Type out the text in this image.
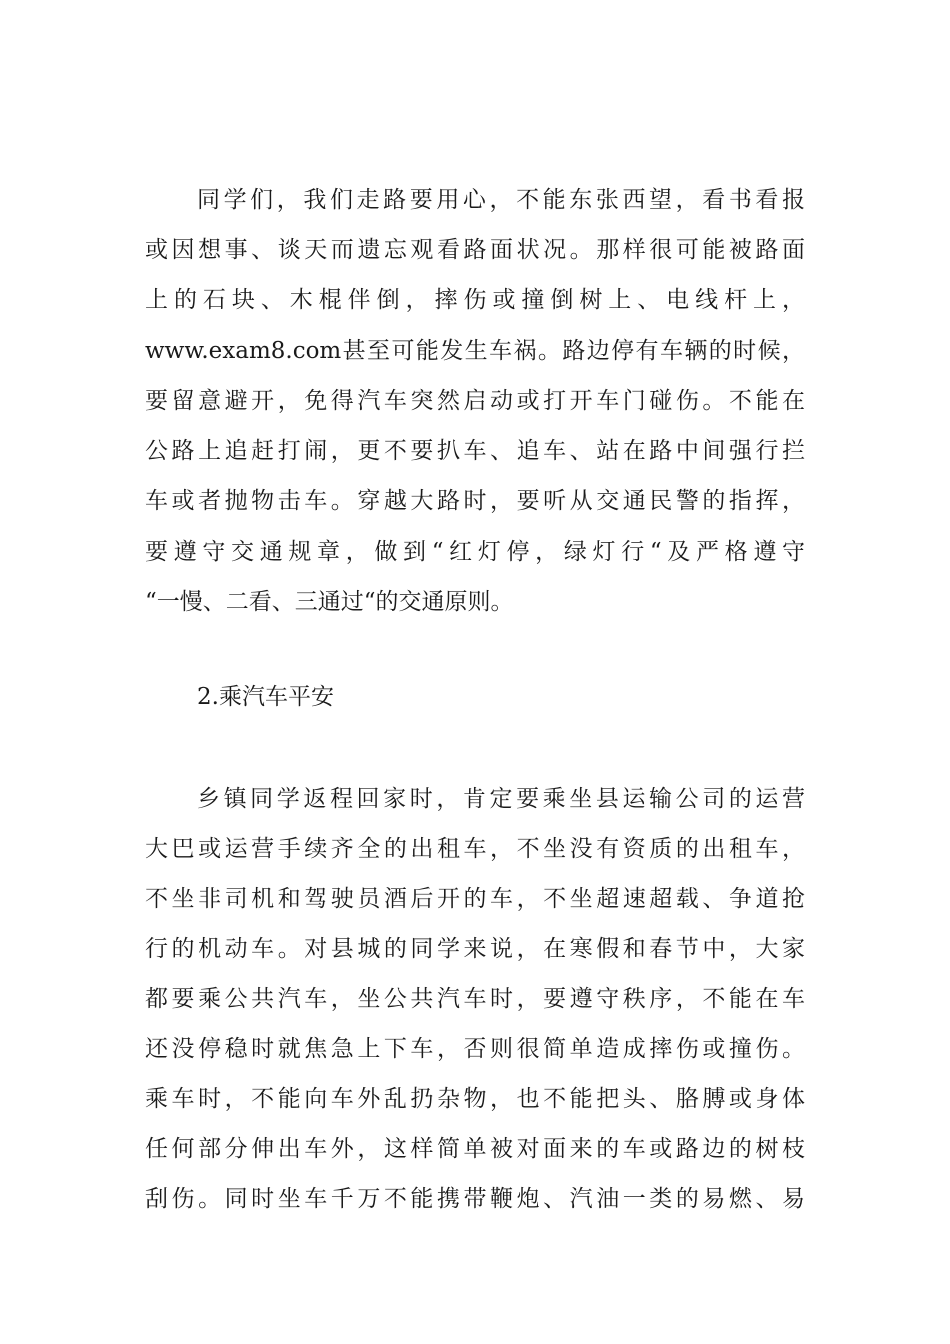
同学们，我们走路要用心，不能东张西望，看书看报
或因想事、谈天而遗忘观看路面状况。那样很可能被路面
上的石块、木棍伴倒，摔伤或撞倒树上、电线杆上，
www.exam8.com甚至可能发生车祸。路边停有车辆的时候，
要留意避开，免得汽车突然启动或打开车门碰伤。不能在
公路上追赶打闹，更不要扒车、追车、站在路中间强行拦
车或者抛物击车。穿越大路时，要听从交通民警的指挥，
要遵守交通规章，做到“红灯停，绿灯行“及严格遵守
“一慢、二看、三通过“的交通原则。
2.乘汽车平安
乡镇同学返程回家时，肯定要乘坐县运输公司的运营
大巴或运营手续齐全的出租车，不坐没有资质的出租车，
不坐非司机和驾驶员酒后开的车，不坐超速超载、争道抢
行的机动车。对县城的同学来说，在寒假和春节中，大家
都要乘公共汽车，坐公共汽车时，要遵守秩序，不能在车
还没停稳时就焦急上下车，否则很简单造成摔伤或撞伤。
乘车时，不能向车外乱扔杂物，也不能把头、胳膊或身体
任何部分伸出车外，这样简单被对面来的车或路边的树枝
刮伤。同时坐车千万不能携带鞭炮、汽油一类的易燃、易
